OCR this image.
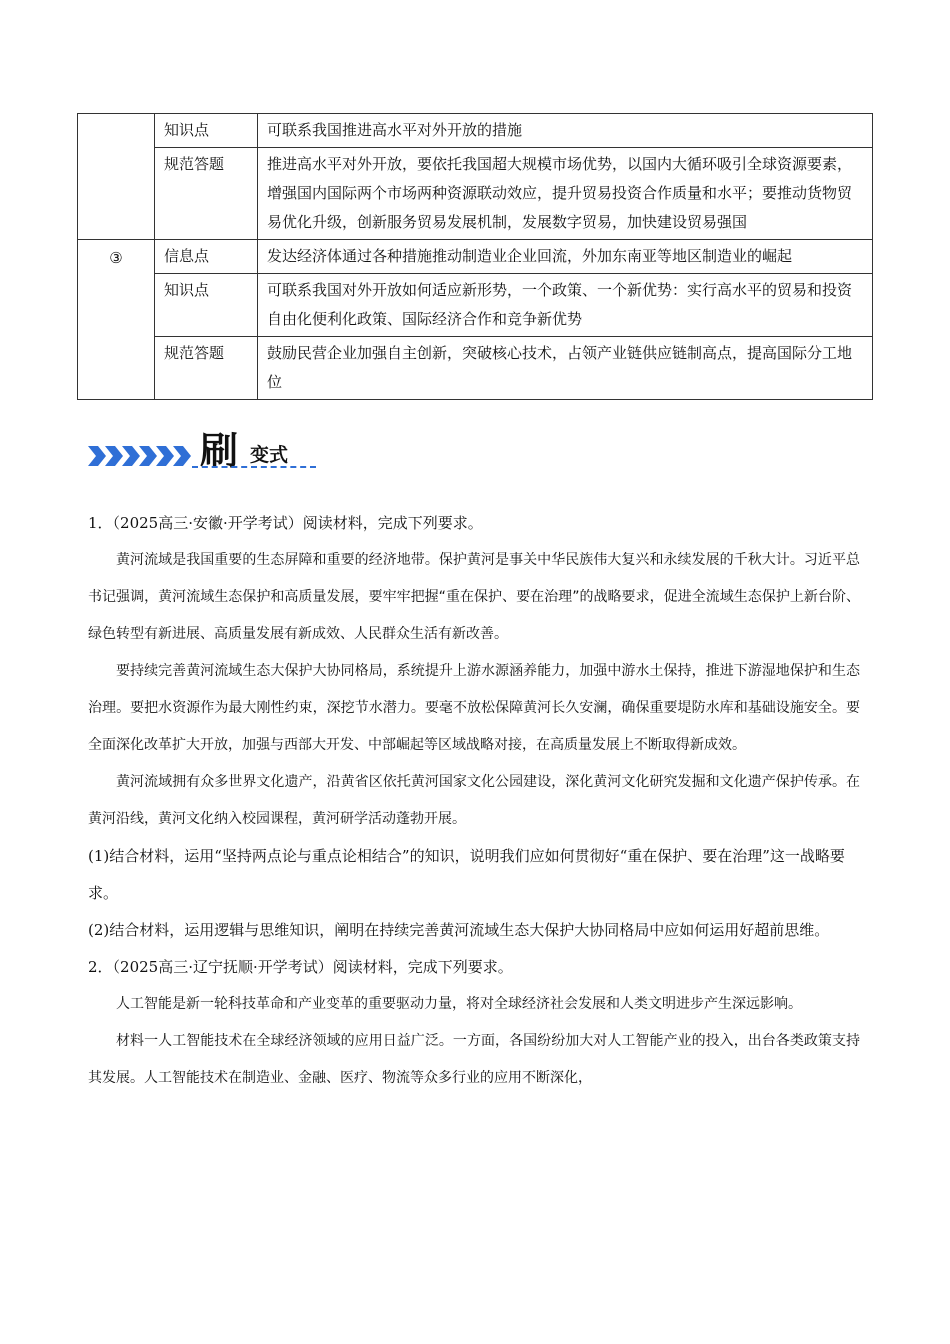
	知识点	可联系我国推进高水平对外开放的措施
	规范答题	推进高水平对外开放，要依托我国超大规模市场优势，以国内大循环吸引全球资源要素，增强国内国际两个市场两种资源联动效应，提升贸易投资合作质量和水平；要推动货物贸易优化升级，创新服务贸易发展机制，发展数字贸易，加快建设贸易强国
③	信息点	发达经济体通过各种措施推动制造业企业回流，外加东南亚等地区制造业的崛起
	知识点	可联系我国对外开放如何适应新形势，一个政策、一个新优势：实行高水平的贸易和投资自由化便利化政策、国际经济合作和竞争新优势
	规范答题	鼓励民营企业加强自主创新，突破核心技术，占领产业链供应链制高点，提高国际分工地位
刷 变式

1．（2025高三·安徽·开学考试）阅读材料，完成下列要求。

黄河流域是我国重要的生态屏障和重要的经济地带。保护黄河是事关中华民族伟大复兴和永续发展的千秋大计。习近平总书记强调，黄河流域生态保护和高质量发展，要牢牢把握“重在保护、要在治理”的战略要求，促进全流域生态保护上新台阶、绿色转型有新进展、高质量发展有新成效、人民群众生活有新改善。

要持续完善黄河流域生态大保护大协同格局，系统提升上游水源涵养能力，加强中游水土保持，推进下游湿地保护和生态治理。要把水资源作为最大刚性约束，深挖节水潜力。要毫不放松保障黄河长久安澜，确保重要堤防水库和基础设施安全。要全面深化改革扩大开放，加强与西部大开发、中部崛起等区域战略对接，在高质量发展上不断取得新成效。

黄河流域拥有众多世界文化遗产，沿黄省区依托黄河国家文化公园建设，深化黄河文化研究发掘和文化遗产保护传承。在黄河沿线，黄河文化纳入校园课程，黄河研学活动蓬勃开展。

(1)结合材料，运用“坚持两点论与重点论相结合”的知识，说明我们应如何贯彻好“重在保护、要在治理”这一战略要求。

(2)结合材料，运用逻辑与思维知识，阐明在持续完善黄河流域生态大保护大协同格局中应如何运用好超前思维。

2．（2025高三·辽宁抚顺·开学考试）阅读材料，完成下列要求。

人工智能是新一轮科技革命和产业变革的重要驱动力量，将对全球经济社会发展和人类文明进步产生深远影响。

材料一人工智能技术在全球经济领域的应用日益广泛。一方面，各国纷纷加大对人工智能产业的投入，出台各类政策支持其发展。人工智能技术在制造业、金融、医疗、物流等众多行业的应用不断深化，
